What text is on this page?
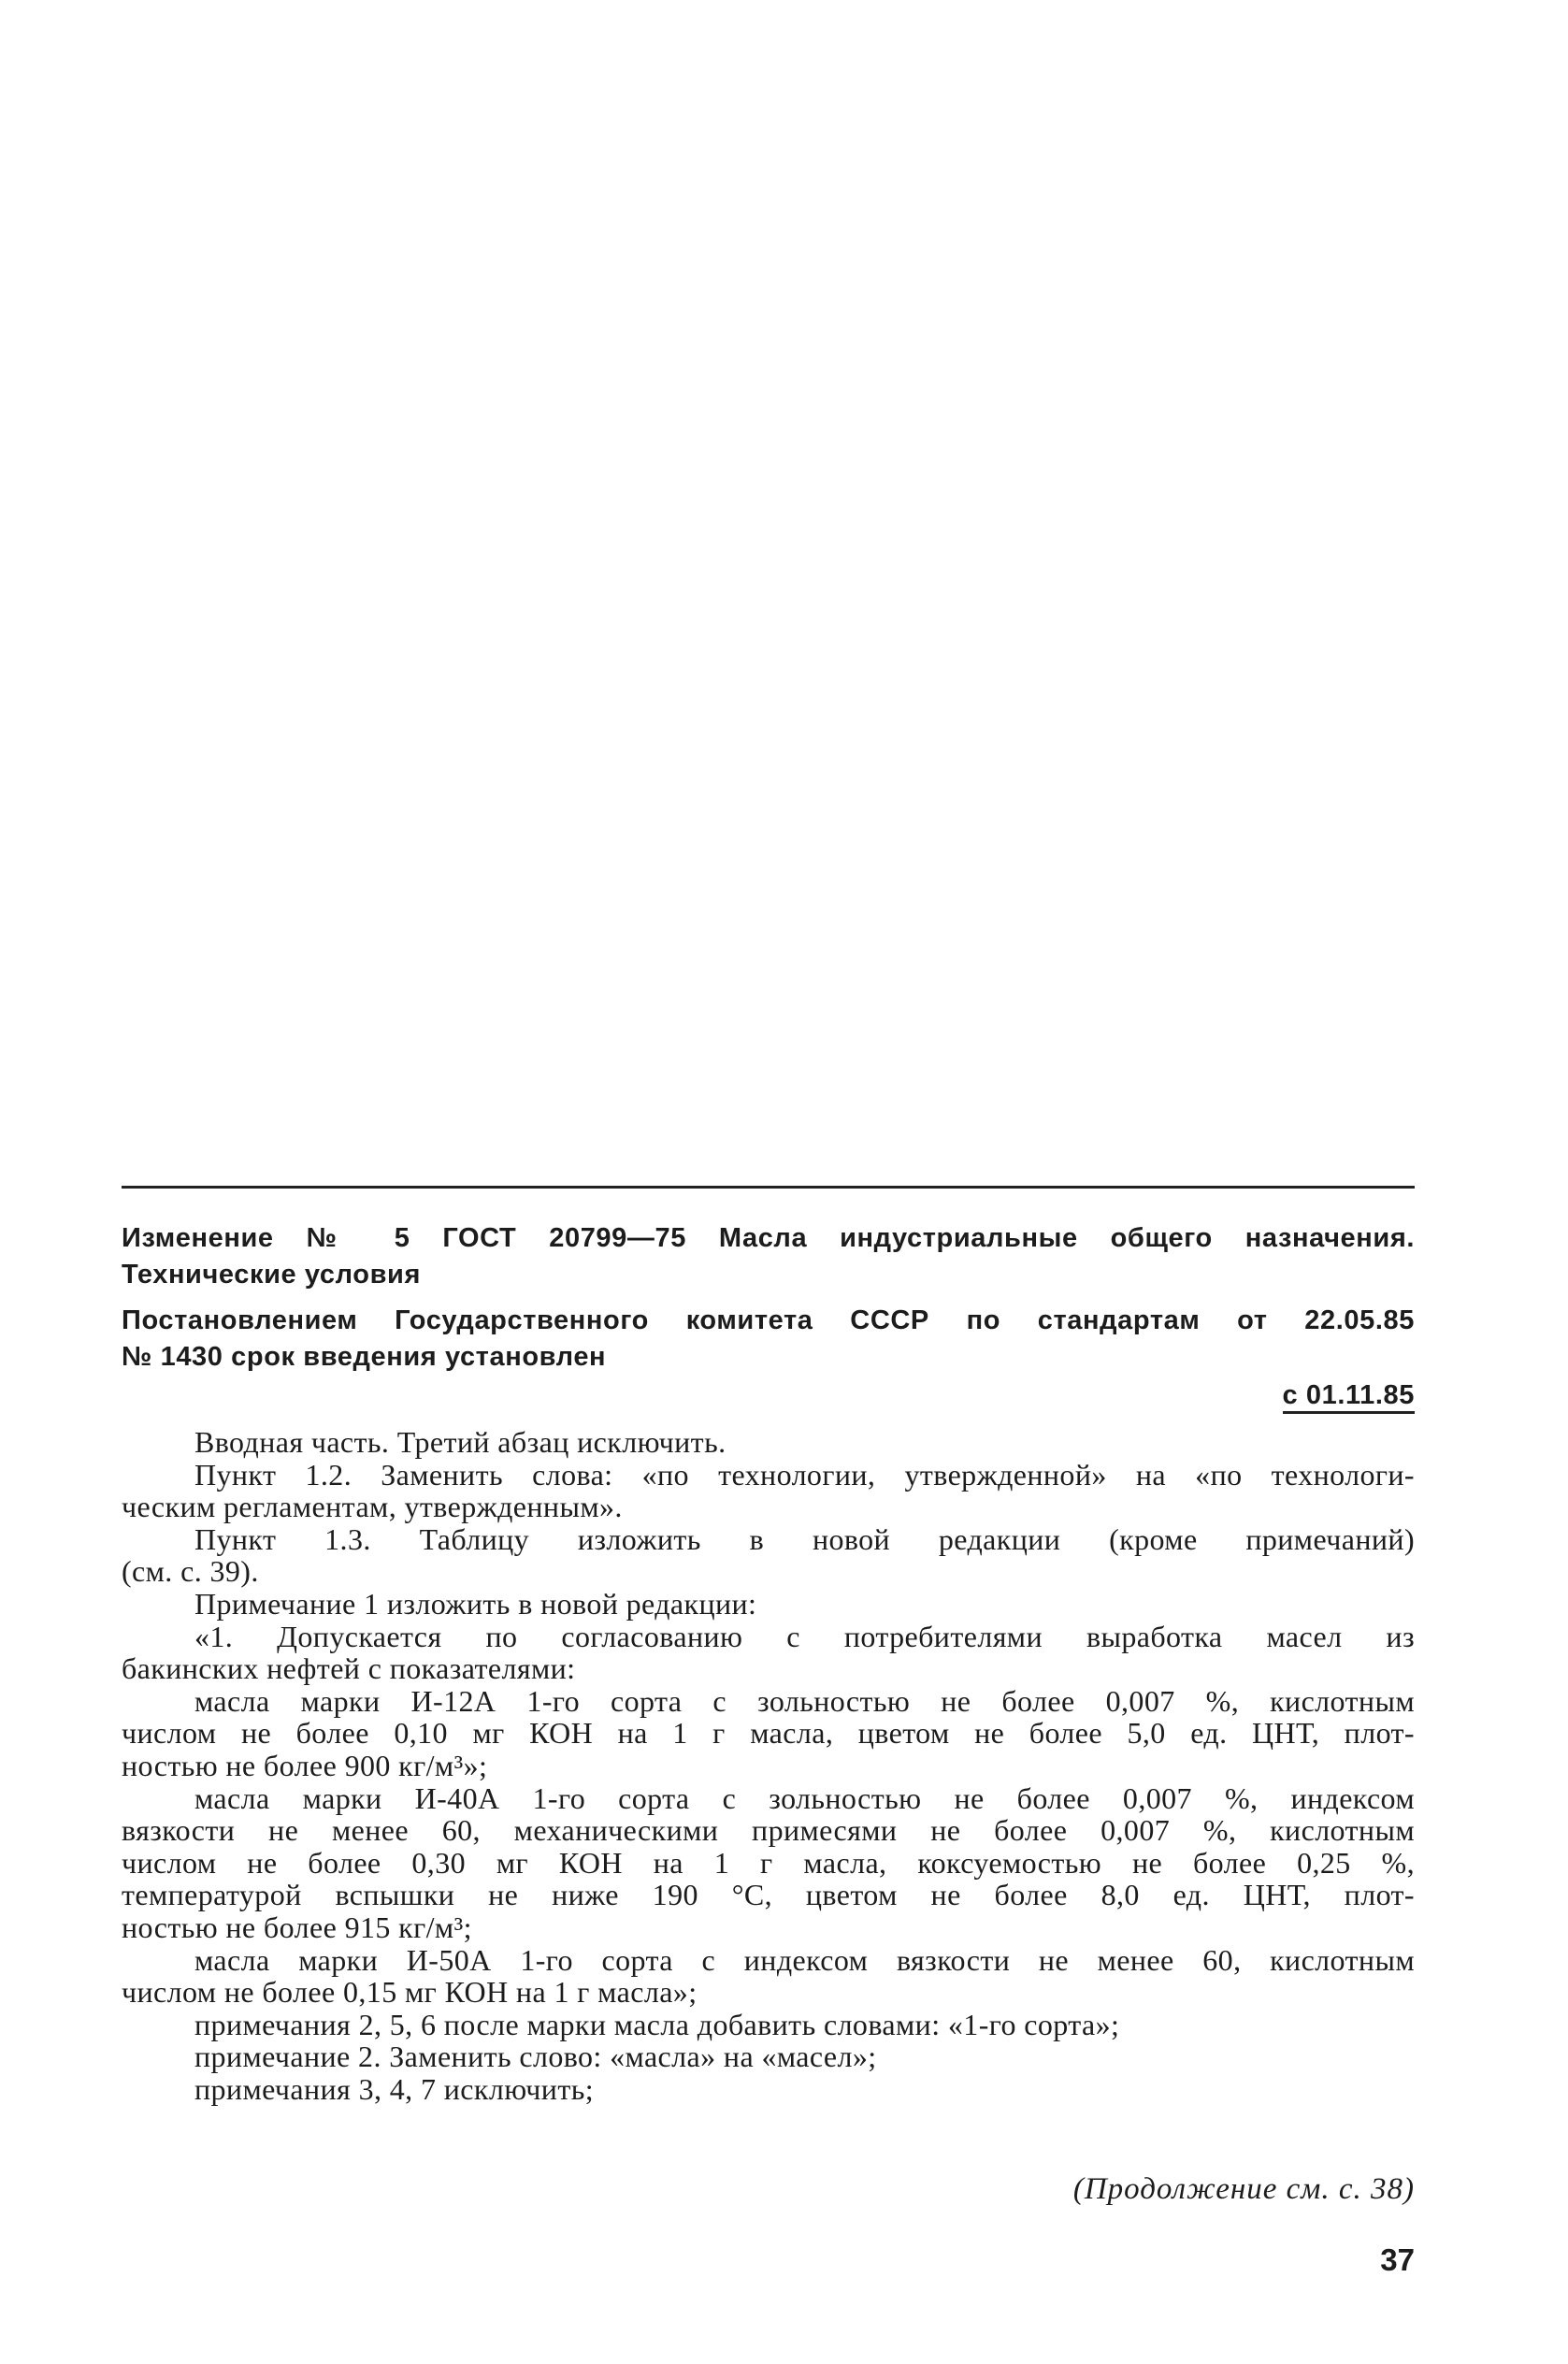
Изменение № 5 ГОСТ 20799—75 Масла индустриальные общего назначения.
Технические условия
Постановлением Государственного комитета СССР по стандартам от 22.05.85
№ 1430 срок введения установлен
с 01.11.85
Вводная часть. Третий абзац исключить.
Пункт 1.2. Заменить слова: «по технологии, утвержденной» на «по технологи-
ческим регламентам, утвержденным».
Пункт 1.3. Таблицу изложить в новой редакции (кроме примечаний)
(см. с. 39).
Примечание 1 изложить в новой редакции:
«1. Допускается по согласованию с потребителями выработка масел из
бакинских нефтей с показателями:
масла марки И-12А 1-го сорта с зольностью не более 0,007 %, кислотным
числом не более 0,10 мг КОН на 1 г масла, цветом не более 5,0 ед. ЦНТ, плот-
ностью не более 900 кг/м³»;
масла марки И-40А 1-го сорта с зольностью не более 0,007 %, индексом
вязкости не менее 60, механическими примесями не более 0,007 %, кислотным
числом не более 0,30 мг КОН на 1 г масла, коксуемостью не более 0,25 %,
температурой вспышки не ниже 190 °С, цветом не более 8,0 ед. ЦНТ, плот-
ностью не более 915 кг/м³;
масла марки И-50А 1-го сорта с индексом вязкости не менее 60, кислотным
числом не более 0,15 мг КОН на 1 г масла»;
примечания 2, 5, 6 после марки масла добавить словами: «1-го сорта»;
примечание 2. Заменить слово: «масла» на «масел»;
примечания 3, 4, 7 исключить;
(Продолжение см. с. 38)
37
